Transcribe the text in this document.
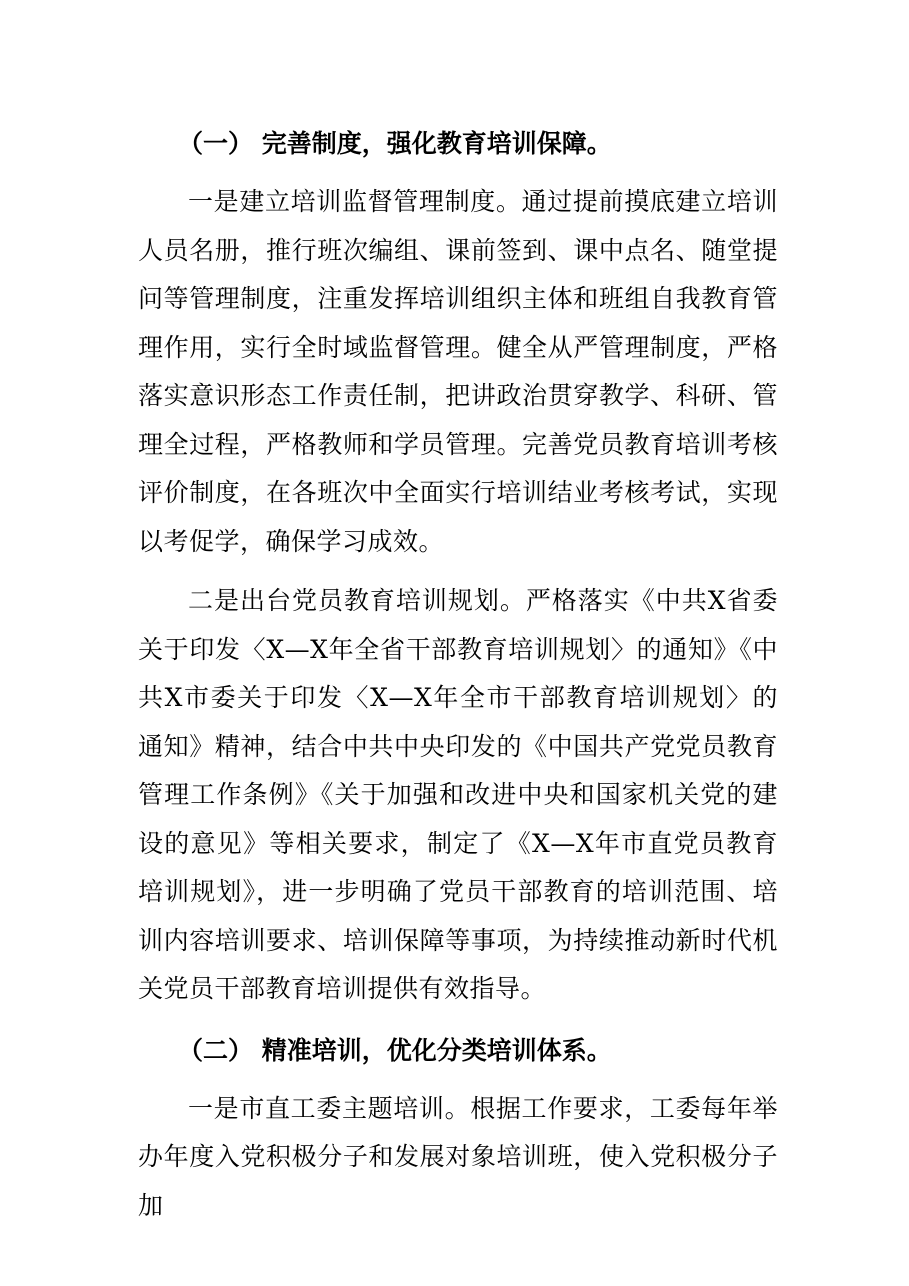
（一） 完善制度，强化教育培训保障。

一是建立培训监督管理制度。通过提前摸底建立培训人员名册，推行班次编组、课前签到、课中点名、随堂提问等管理制度，注重发挥培训组织主体和班组自我教育管理作用，实行全时域监督管理。健全从严管理制度，严格落实意识形态工作责任制，把讲政治贯穿教学、科研、管理全过程，严格教师和学员管理。完善党员教育培训考核评价制度，在各班次中全面实行培训结业考核考试，实现以考促学，确保学习成效。

二是出台党员教育培训规划。严格落实《中共X省委关于印发〈X—X年全省干部教育培训规划〉的通知》《中共X市委关于印发〈X—X年全市干部教育培训规划〉的通知》精神，结合中共中央印发的《中国共产党党员教育管理工作条例》《关于加强和改进中央和国家机关党的建设的意见》等相关要求，制定了《X—X年市直党员教育培训规划》，进一步明确了党员干部教育的培训范围、培训内容培训要求、培训保障等事项，为持续推动新时代机关党员干部教育培训提供有效指导。

（二） 精准培训，优化分类培训体系。

一是市直工委主题培训。根据工作要求，工委每年举办年度入党积极分子和发展对象培训班，使入党积极分子加
